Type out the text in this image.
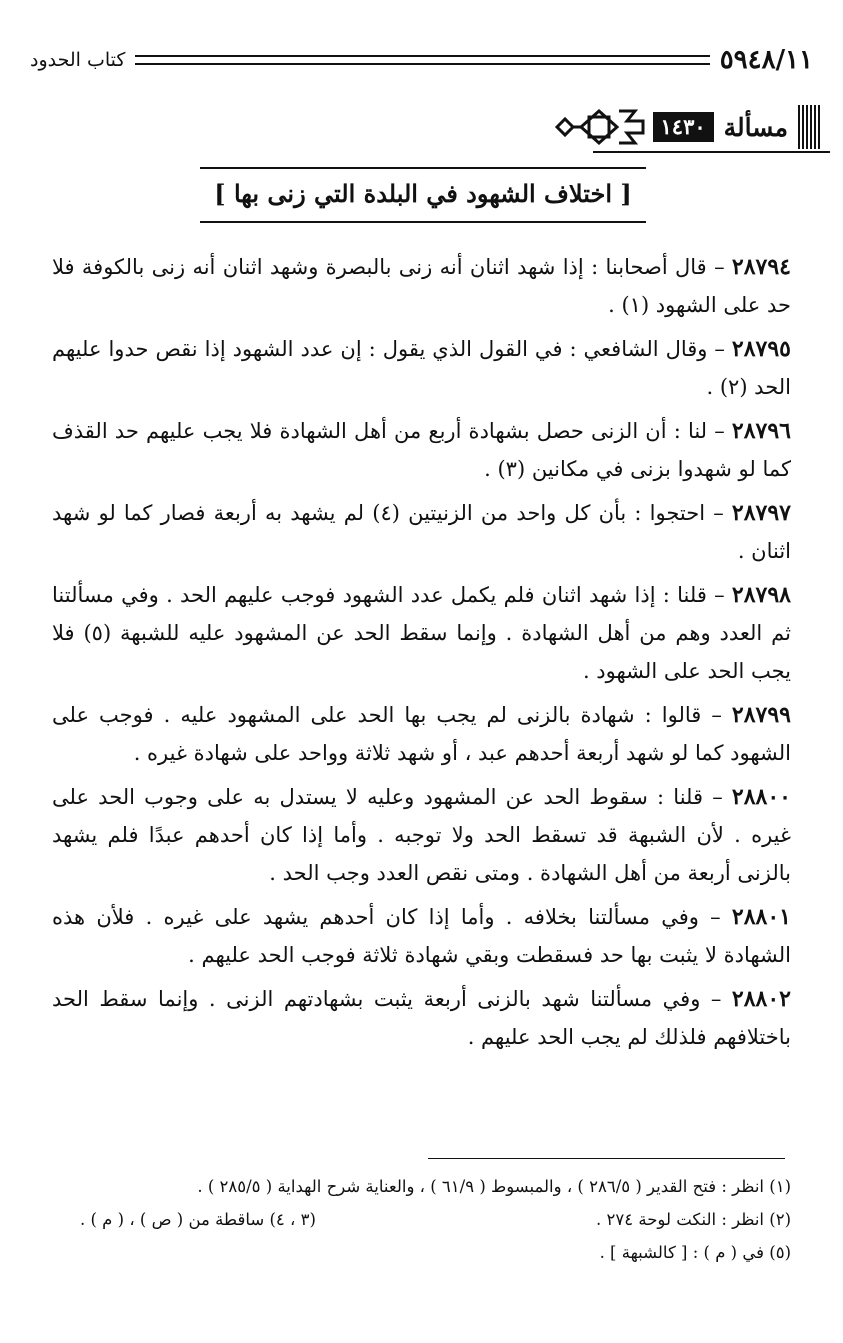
كتاب الحدود	٥٩٤٨/١١
١٤٣٠ مسألة
[ اختلاف الشهود في البلدة التي زنى بها ]

٢٨٧٩٤ – قال أصحابنا : إذا شهد اثنان أنه زنى بالبصرة وشهد اثنان أنه زنى بالكوفة فلا حد على الشهود (١) .

٢٨٧٩٥ – وقال الشافعي : في القول الذي يقول : إن عدد الشهود إذا نقص حدوا عليهم الحد (٢) .

٢٨٧٩٦ – لنا : أن الزنى حصل بشهادة أربع من أهل الشهادة فلا يجب عليهم حد القذف كما لو شهدوا بزنى في مكانين (٣) .

٢٨٧٩٧ – احتجوا : بأن كل واحد من الزنيتين (٤) لم يشهد به أربعة فصار كما لو شهد اثنان .

٢٨٧٩٨ – قلنا : إذا شهد اثنان فلم يكمل عدد الشهود فوجب عليهم الحد . وفي مسألتنا ثم العدد وهم من أهل الشهادة . وإنما سقط الحد عن المشهود عليه للشبهة (٥) فلا يجب الحد على الشهود .

٢٨٧٩٩ – قالوا : شهادة بالزنى لم يجب بها الحد على المشهود عليه . فوجب على الشهود كما لو شهد أربعة أحدهم عبد ، أو شهد ثلاثة وواحد على شهادة غيره .

٢٨٨٠٠ – قلنا : سقوط الحد عن المشهود وعليه لا يستدل به على وجوب الحد على غيره . لأن الشبهة قد تسقط الحد ولا توجبه . وأما إذا كان أحدهم عبدًا فلم يشهد بالزنى أربعة من أهل الشهادة . ومتى نقص العدد وجب الحد .

٢٨٨٠١ – وفي مسألتنا بخلافه . وأما إذا كان أحدهم يشهد على غيره . فلأن هذه الشهادة لا يثبت بها حد فسقطت وبقي شهادة ثلاثة فوجب الحد عليهم .

٢٨٨٠٢ – وفي مسألتنا شهد بالزنى أربعة يثبت بشهادتهم الزنى . وإنما سقط الحد باختلافهم فلذلك لم يجب الحد عليهم .

(١) انظر : فتح القدير ( ٢٨٦/٥ ) ، والمبسوط ( ٦١/٩ ) ، والعناية شرح الهداية ( ٢٨٥/٥ ) .
(٢) انظر : النكت لوحة ٢٧٤ .
(٣ ، ٤) ساقطة من ( ص ) ، ( م ) .
(٥) في ( م ) : [ كالشبهة ] .
